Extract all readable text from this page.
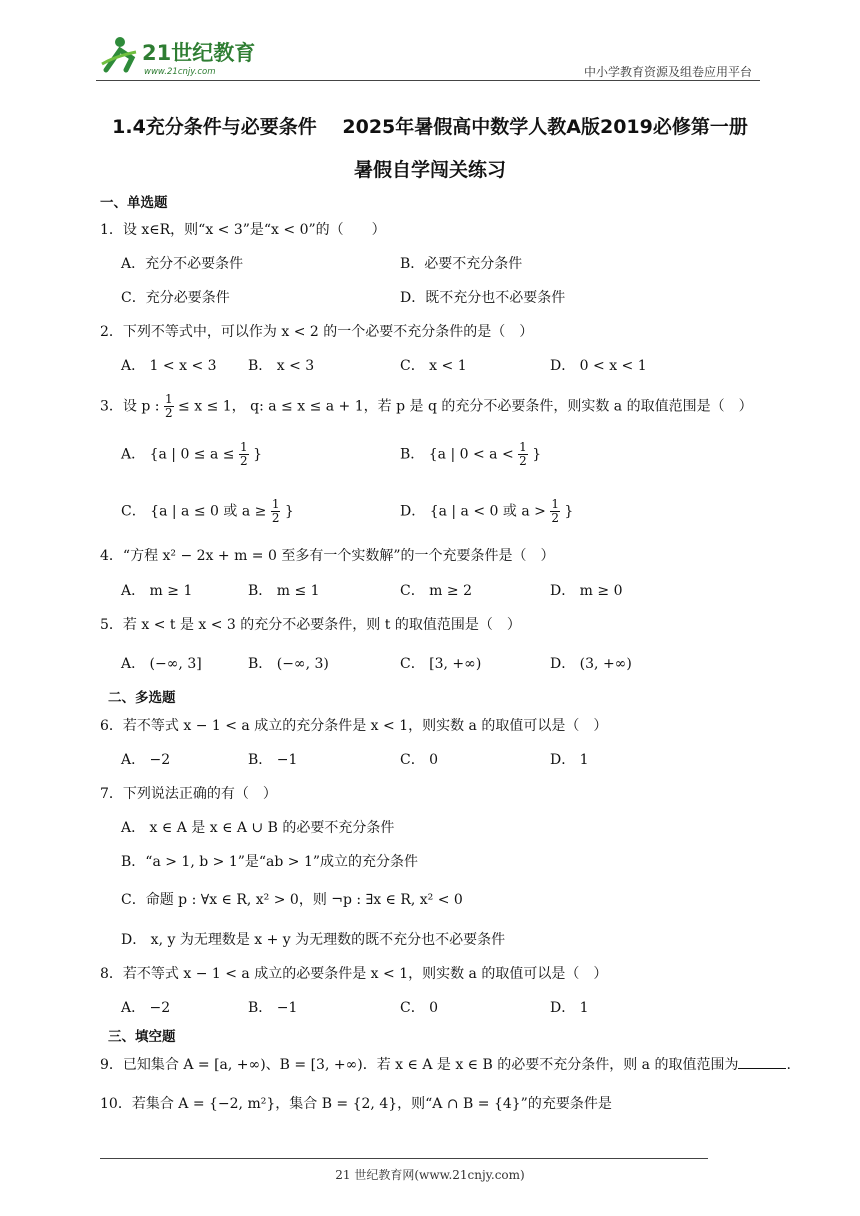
21世纪教育
www.21cnjy.com	中小学教育资源及组卷应用平台
1.4充分条件与必要条件　 2025年暑假高中数学人教A版2019必修第一册
暑假自学闯关练习
一、单选题
1．设 x∈R，则“x < 3”是“x < 0”的（　　）
A．充分不必要条件	B．必要不充分条件
C．充分必要条件	D．既不充分也不必要条件
2．下列不等式中，可以作为 x < 2 的一个必要不充分条件的是（　）
A． 1 < x < 3 B． x < 3	C． x < 1	D． 0 < x < 1
3．设 p : $\frac{1}{2} \le x \le 1$， q: a ≤ x ≤ a + 1，若 p 是 q 的充分不必要条件，则实数 a 的取值范围是（　）
A． {a | $0 \le a \le \frac{1}{2}$ }	B． {a | $0 < a < \frac{1}{2}$ }
C． {a | a ≤ 0 或 $a \ge \frac{1}{2}$ }	D． {a | a < 0 或 $a > \frac{1}{2}$ }
4．“方程 x² − 2x + m = 0 至多有一个实数解”的一个充要条件是（　）
A． m ≥ 1	B． m ≤ 1	C． m ≥ 2	D． m ≥ 0
5．若 x < t 是 x < 3 的充分不必要条件，则 t 的取值范围是（　）
A． (−∞, 3]	B． (−∞, 3)	C． [3, +∞)	D． (3, +∞)
二、多选题
6．若不等式 x − 1 < a 成立的充分条件是 x < 1，则实数 a 的取值可以是（　）
A． −2	B． −1	C． 0	D． 1
7．下列说法正确的有（　）
A． x ∈ A 是 x ∈ A ∪ B 的必要不充分条件
B．“a > 1, b > 1”是“ab > 1”成立的充分条件
C．命题 p : ∀x ∈ R, x² > 0，则 ¬p : ∃x ∈ R, x² < 0
D． x, y 为无理数是 x + y 为无理数的既不充分也不必要条件
8．若不等式 x − 1 < a 成立的必要条件是 x < 1，则实数 a 的取值可以是（　）
A． −2	B． −1	C． 0	D． 1
三、填空题
9．已知集合 A = [a, +∞)、B = [3, +∞)．若 x ∈ A 是 x ∈ B 的必要不充分条件，则 a 的取值范围为	.
10．若集合 A = {−2, m²}，集合 B = {2, 4}，则“A ∩ B = {4}”的充要条件是
21 世纪教育网(www.21cnjy.com)
